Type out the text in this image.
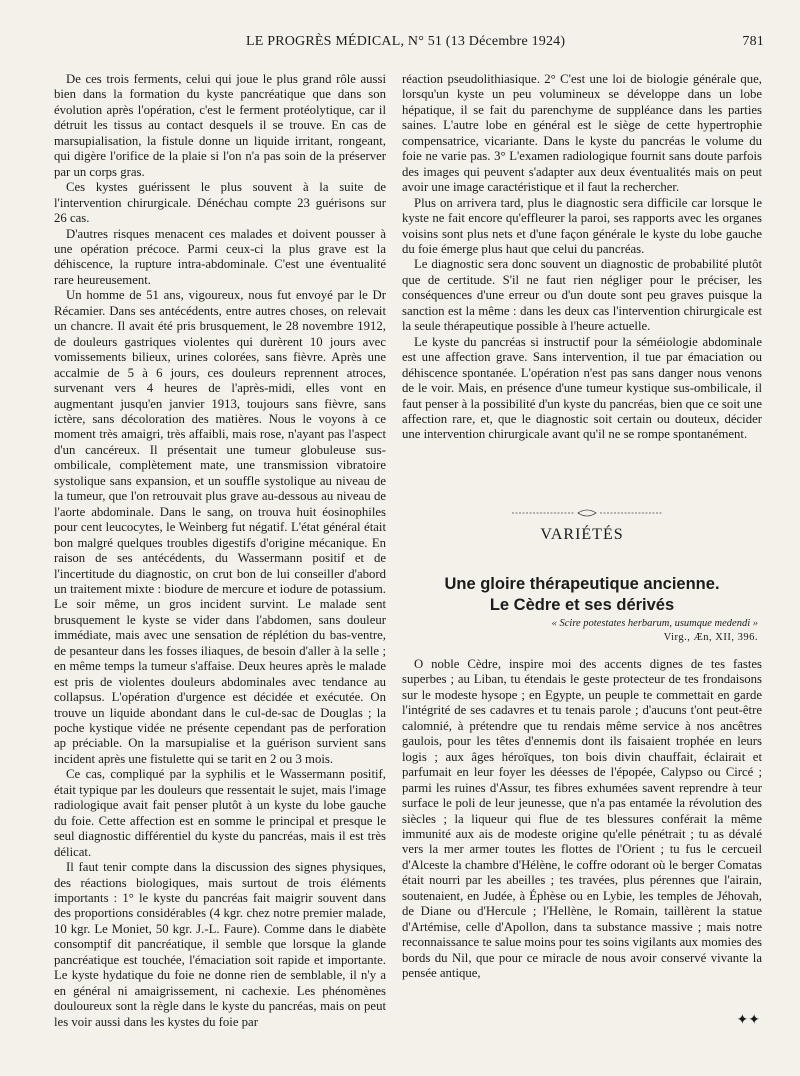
LE PROGRÈS MÉDICAL, N° 51 (13 Décembre 1924)	781

De ces trois ferments, celui qui joue le plus grand rôle aussi bien dans la formation du kyste pancréatique que dans son évolution après l'opération, c'est le ferment protéolytique, car il détruit les tissus au contact desquels il se trouve. En cas de marsupialisation, la fistule donne un liquide irritant, rongeant, qui digère l'orifice de la plaie si l'on n'a pas soin de la préserver par un corps gras.

Ces kystes guérissent le plus souvent à la suite de l'intervention chirurgicale. Dénéchau compte 23 guérisons sur 26 cas.

D'autres risques menacent ces malades et doivent pousser à une opération précoce. Parmi ceux-ci la plus grave est la déhiscence, la rupture intra-abdominale. C'est une éventualité rare heureusement.

Un homme de 51 ans, vigoureux, nous fut envoyé par le Dr Récamier. Dans ses antécédents, entre autres choses, on relevait un chancre. Il avait été pris brusquement, le 28 novembre 1912, de douleurs gastriques violentes qui durèrent 10 jours avec vomissements bilieux, urines colorées, sans fièvre. Après une accalmie de 5 à 6 jours, ces douleurs reprennent atroces, survenant vers 4 heures de l'après-midi, elles vont en augmentant jusqu'en janvier 1913, toujours sans fièvre, sans ictère, sans décoloration des matières. Nous le voyons à ce moment très amaigri, très affaibli, mais rose, n'ayant pas l'aspect d'un cancéreux. Il présentait une tumeur globuleuse sus-ombilicale, complètement mate, une transmission vibratoire systolique sans expansion, et un souffle systolique au niveau de la tumeur, que l'on retrouvait plus grave au-dessous au niveau de l'aorte abdominale. Dans le sang, on trouva huit éosinophiles pour cent leucocytes, le Weinberg fut négatif. L'état général était bon malgré quelques troubles digestifs d'origine mécanique. En raison de ses antécédents, du Wassermann positif et de l'incertitude du diagnostic, on crut bon de lui conseiller d'abord un traitement mixte : biodure de mercure et iodure de potassium. Le soir même, un gros incident survint. Le malade sent brusquement le kyste se vider dans l'abdomen, sans douleur immédiate, mais avec une sensation de réplétion du bas-ventre, de pesanteur dans les fosses iliaques, de besoin d'aller à la selle ; en même temps la tumeur s'affaise. Deux heures après le malade est pris de violentes douleurs abdominales avec tendance au collapsus. L'opération d'urgence est décidée et exécutée. On trouve un liquide abondant dans le cul-de-sac de Douglas ; la poche kystique vidée ne présente cependant pas de perforation ap préciable. On la marsupialise et la guérison survient sans incident après une fistulette qui se tarit en 2 ou 3 mois.

Ce cas, compliqué par la syphilis et le Wassermann positif, était typique par les douleurs que ressentait le sujet, mais l'image radiologique avait fait penser plutôt à un kyste du lobe gauche du foie. Cette affection est en somme le principal et presque le seul diagnostic différentiel du kyste du pancréas, mais il est très délicat.

Il faut tenir compte dans la discussion des signes physiques, des réactions biologiques, mais surtout de trois éléments importants : 1° le kyste du pancréas fait maigrir souvent dans des proportions considérables (4 kgr. chez notre premier malade, 10 kgr. Le Moniet, 50 kgr. J.-L. Faure). Comme dans le diabète consomptif dit pancréatique, il semble que lorsque la glande pancréatique est touchée, l'émaciation soit rapide et importante. Le kyste hydatique du foie ne donne rien de semblable, il n'y a en général ni amaigrissement, ni cachexie. Les phénomènes douloureux sont la règle dans le kyste du pancréas, mais on peut les voir aussi dans les kystes du foie par

réaction pseudolithiasique. 2° C'est une loi de biologie générale que, lorsqu'un kyste un peu volumineux se développe dans un lobe hépatique, il se fait du parenchyme de suppléance dans les parties saines. L'autre lobe en général est le siège de cette hypertrophie compensatrice, vicariante. Dans le kyste du pancréas le volume du foie ne varie pas. 3° L'examen radiologique fournit sans doute parfois des images qui peuvent s'adapter aux deux éventualités mais on peut avoir une image caractéristique et il faut la rechercher.

Plus on arrivera tard, plus le diagnostic sera difficile car lorsque le kyste ne fait encore qu'effleurer la paroi, ses rapports avec les organes voisins sont plus nets et d'une façon générale le kyste du lobe gauche du foie émerge plus haut que celui du pancréas.

Le diagnostic sera donc souvent un diagnostic de probabilité plutôt que de certitude. S'il ne faut rien négliger pour le préciser, les conséquences d'une erreur ou d'un doute sont peu graves puisque la sanction est la même : dans les deux cas l'intervention chirurgicale est la seule thérapeutique possible à l'heure actuelle.

Le kyste du pancréas si instructif pour la séméiologie abdominale est une affection grave. Sans intervention, il tue par émaciation ou déhiscence spontanée. L'opération n'est pas sans danger nous venons de le voir. Mais, en présence d'une tumeur kystique sus-ombilicale, il faut penser à la possibilité d'un kyste du pancréas, bien que ce soit une affection rare, et, que le diagnostic soit certain ou douteux, décider une intervention chirurgicale avant qu'il ne se rompe spontanément.

VARIÉTÉS
Une gloire thérapeutique ancienne.
Le Cèdre et ses dérivés
« Scire potestates herbarum, usumque medendi »
Virg., Æn, XII, 396.

O noble Cèdre, inspire moi des accents dignes de tes fastes superbes ; au Liban, tu étendais le geste protecteur de tes frondaisons sur le modeste hysope ; en Egypte, un peuple te commettait en garde l'intégrité de ses cadavres et tu tenais parole ; d'aucuns t'ont peut-être calomnié, à prétendre que tu rendais même service à nos ancêtres gaulois, pour les têtes d'ennemis dont ils faisaient trophée en leurs logis ; aux âges héroïques, ton bois divin chauffait, éclairait et parfumait en leur foyer les déesses de l'épopée, Calypso ou Circé ; parmi les ruines d'Assur, tes fibres exhumées savent reprendre à teur surface le poli de leur jeunesse, que n'a pas entamée la révolution des siècles ; la liqueur qui flue de tes blessures conférait la même immunité aux ais de modeste origine qu'elle pénétrait ; tu as dévalé vers la mer armer toutes les flottes de l'Orient ; tu fus le cercueil d'Alceste la chambre d'Hélène, le coffre odorant où le berger Comatas était nourri par les abeilles ; tes travées, plus pérennes que l'airain, soutenaient, en Judée, à Éphèse ou en Lybie, les temples de Jéhovah, de Diane ou d'Hercule ; l'Hellène, le Romain, taillèrent la statue d'Artémise, celle d'Apollon, dans ta substance massive ; mais notre reconnaissance te salue moins pour tes soins vigilants aux momies des bords du Nil, que pour ce miracle de nous avoir conservé vivante la pensée antique,

✦✦
